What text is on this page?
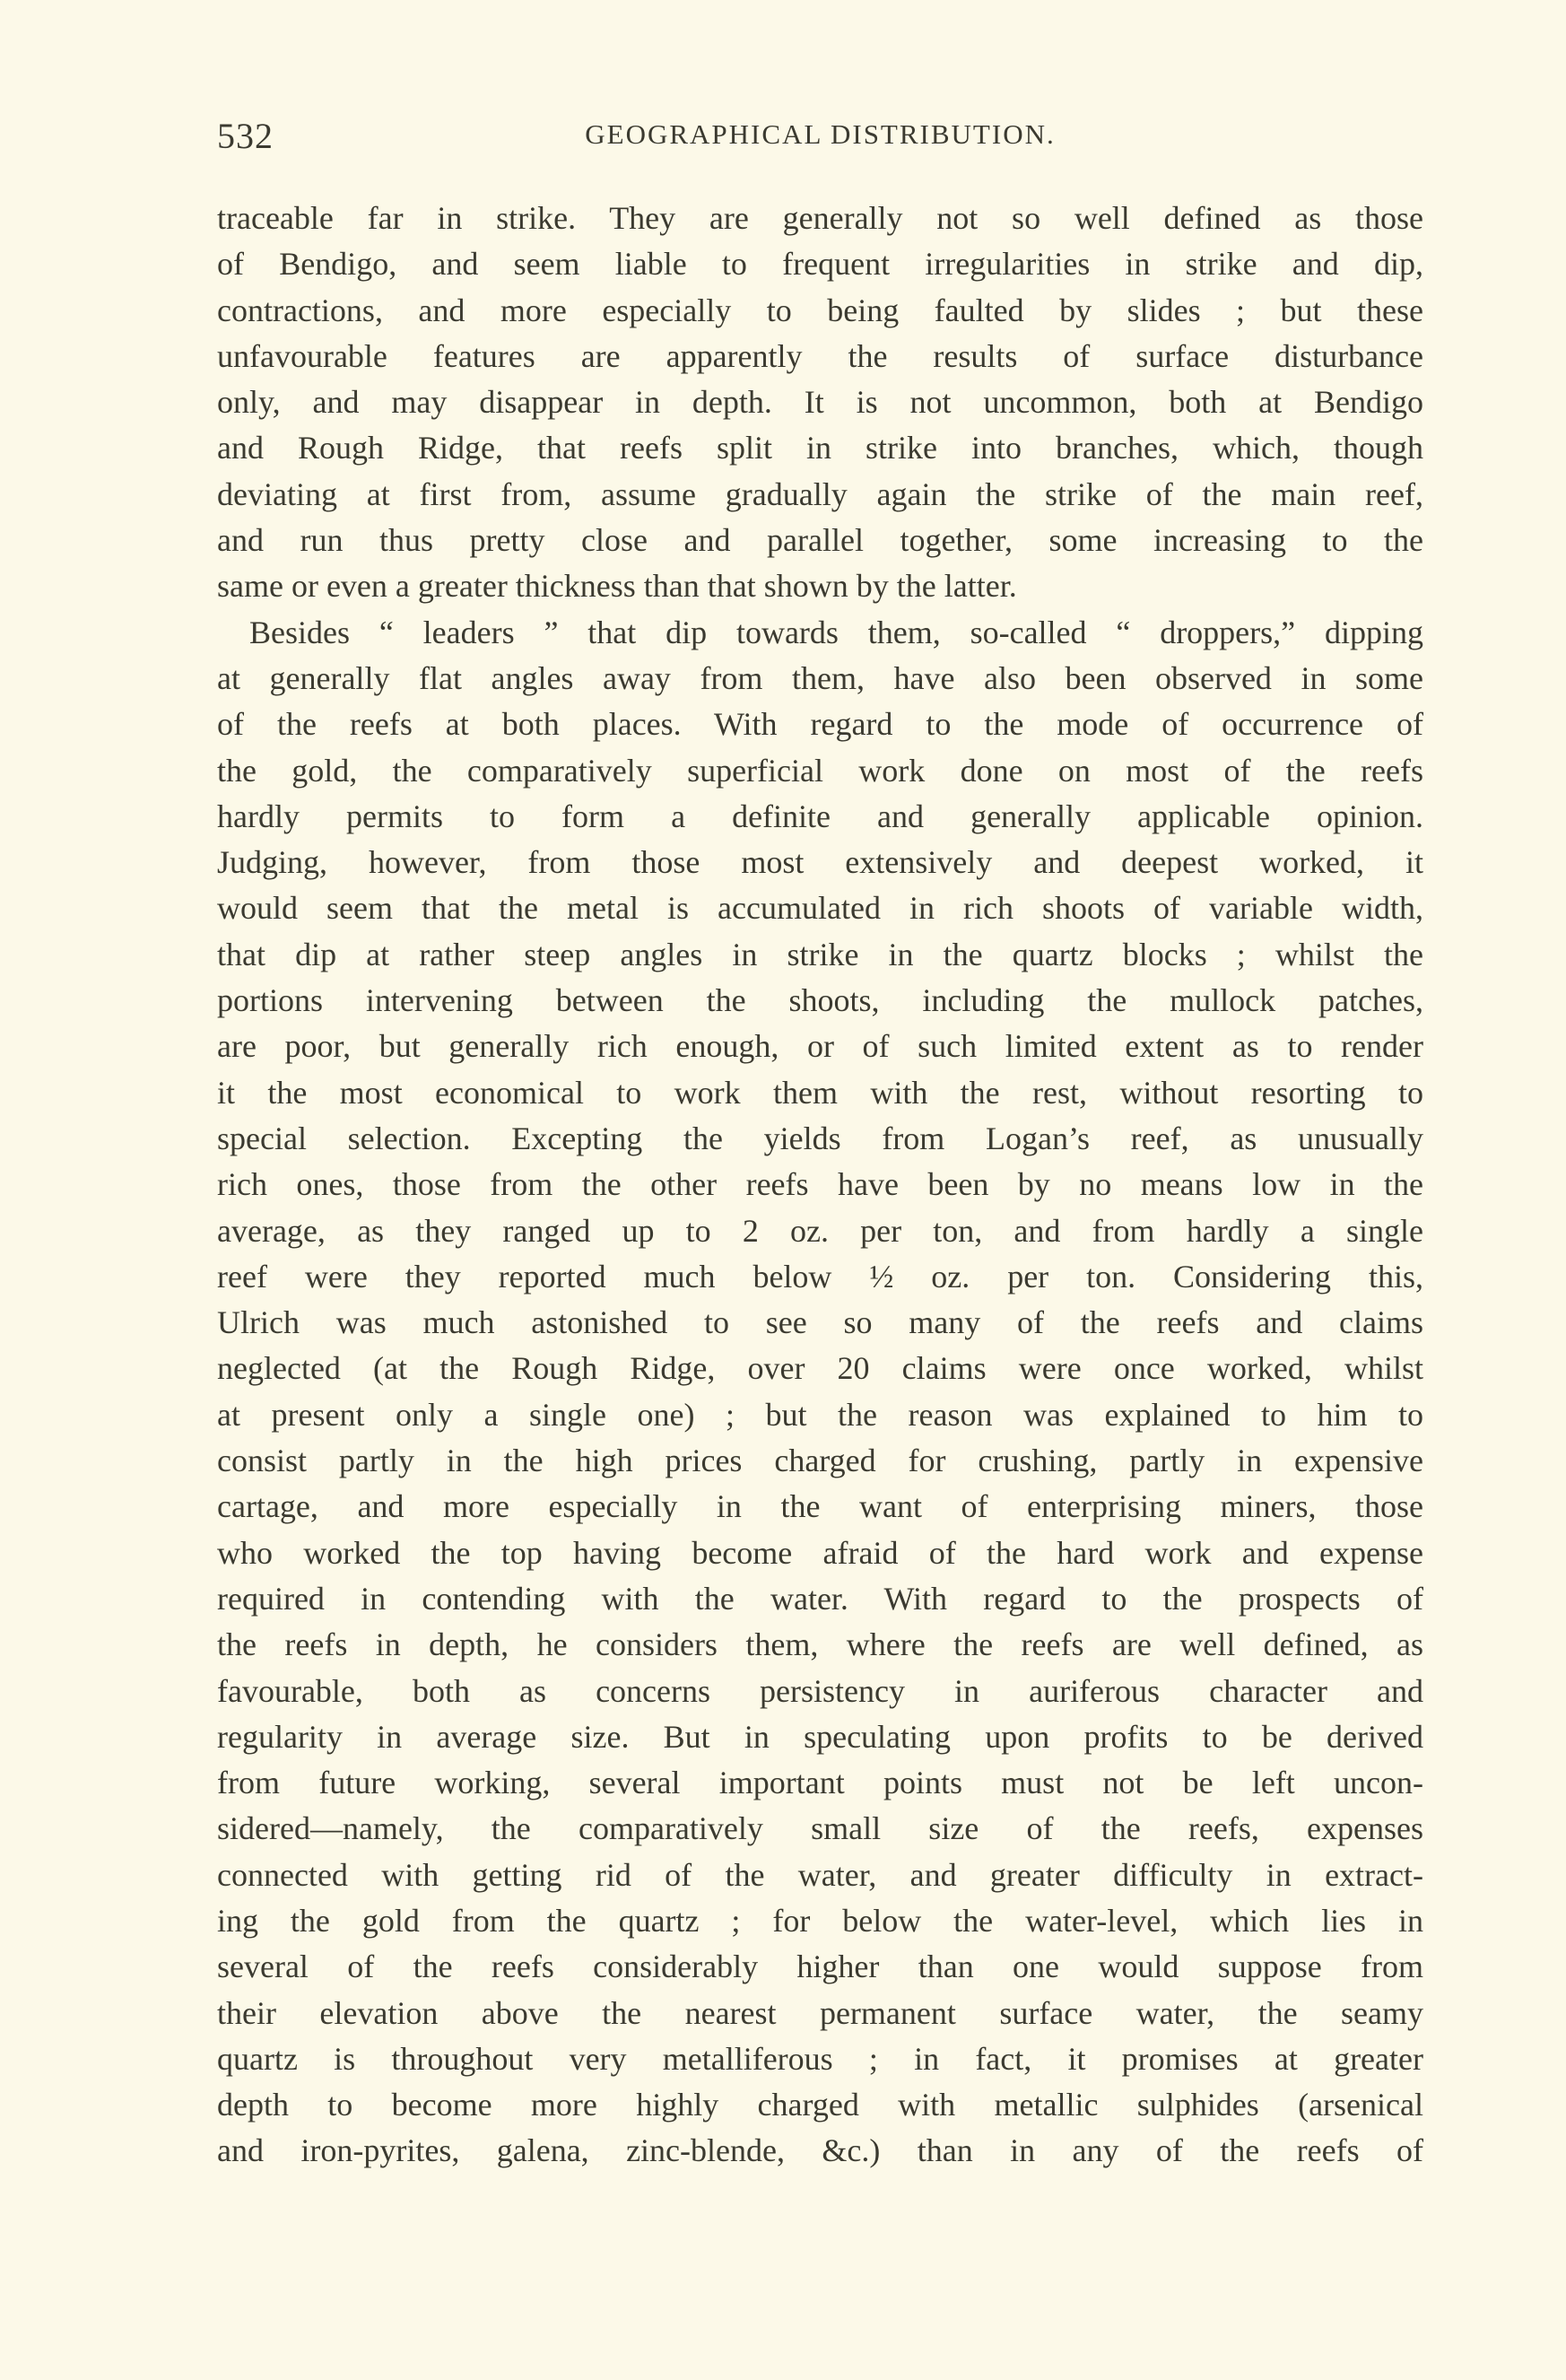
532	GEOGRAPHICAL DISTRIBUTION.
traceable far in strike. They are generally not so well defined as those
of Bendigo, and seem liable to frequent irregularities in strike and dip,
contractions, and more especially to being faulted by slides ; but these
unfavourable features are apparently the results of surface disturbance
only, and may disappear in depth. It is not uncommon, both at Bendigo
and Rough Ridge, that reefs split in strike into branches, which, though
deviating at first from, assume gradually again the strike of the main reef,
and run thus pretty close and parallel together, some increasing to the
same or even a greater thickness than that shown by the latter.
Besides “ leaders ” that dip towards them, so-called “ droppers,” dipping
at generally flat angles away from them, have also been observed in some
of the reefs at both places. With regard to the mode of occurrence of
the gold, the comparatively superficial work done on most of the reefs
hardly permits to form a definite and generally applicable opinion.
Judging, however, from those most extensively and deepest worked, it
would seem that the metal is accumulated in rich shoots of variable width,
that dip at rather steep angles in strike in the quartz blocks ; whilst the
portions intervening between the shoots, including the mullock patches,
are poor, but generally rich enough, or of such limited extent as to render
it the most economical to work them with the rest, without resorting to
special selection. Excepting the yields from Logan’s reef, as unusually
rich ones, those from the other reefs have been by no means low in the
average, as they ranged up to 2 oz. per ton, and from hardly a single
reef were they reported much below ½ oz. per ton. Considering this,
Ulrich was much astonished to see so many of the reefs and claims
neglected (at the Rough Ridge, over 20 claims were once worked, whilst
at present only a single one) ; but the reason was explained to him to
consist partly in the high prices charged for crushing, partly in expensive
cartage, and more especially in the want of enterprising miners, those
who worked the top having become afraid of the hard work and expense
required in contending with the water. With regard to the prospects of
the reefs in depth, he considers them, where the reefs are well defined, as
favourable, both as concerns persistency in auriferous character and
regularity in average size. But in speculating upon profits to be derived
from future working, several important points must not be left uncon-
sidered—namely, the comparatively small size of the reefs, expenses
connected with getting rid of the water, and greater difficulty in extract-
ing the gold from the quartz ; for below the water-level, which lies in
several of the reefs considerably higher than one would suppose from
their elevation above the nearest permanent surface water, the seamy
quartz is throughout very metalliferous ; in fact, it promises at greater
depth to become more highly charged with metallic sulphides (arsenical
and iron-pyrites, galena, zinc-blende, &c.) than in any of the reefs of
